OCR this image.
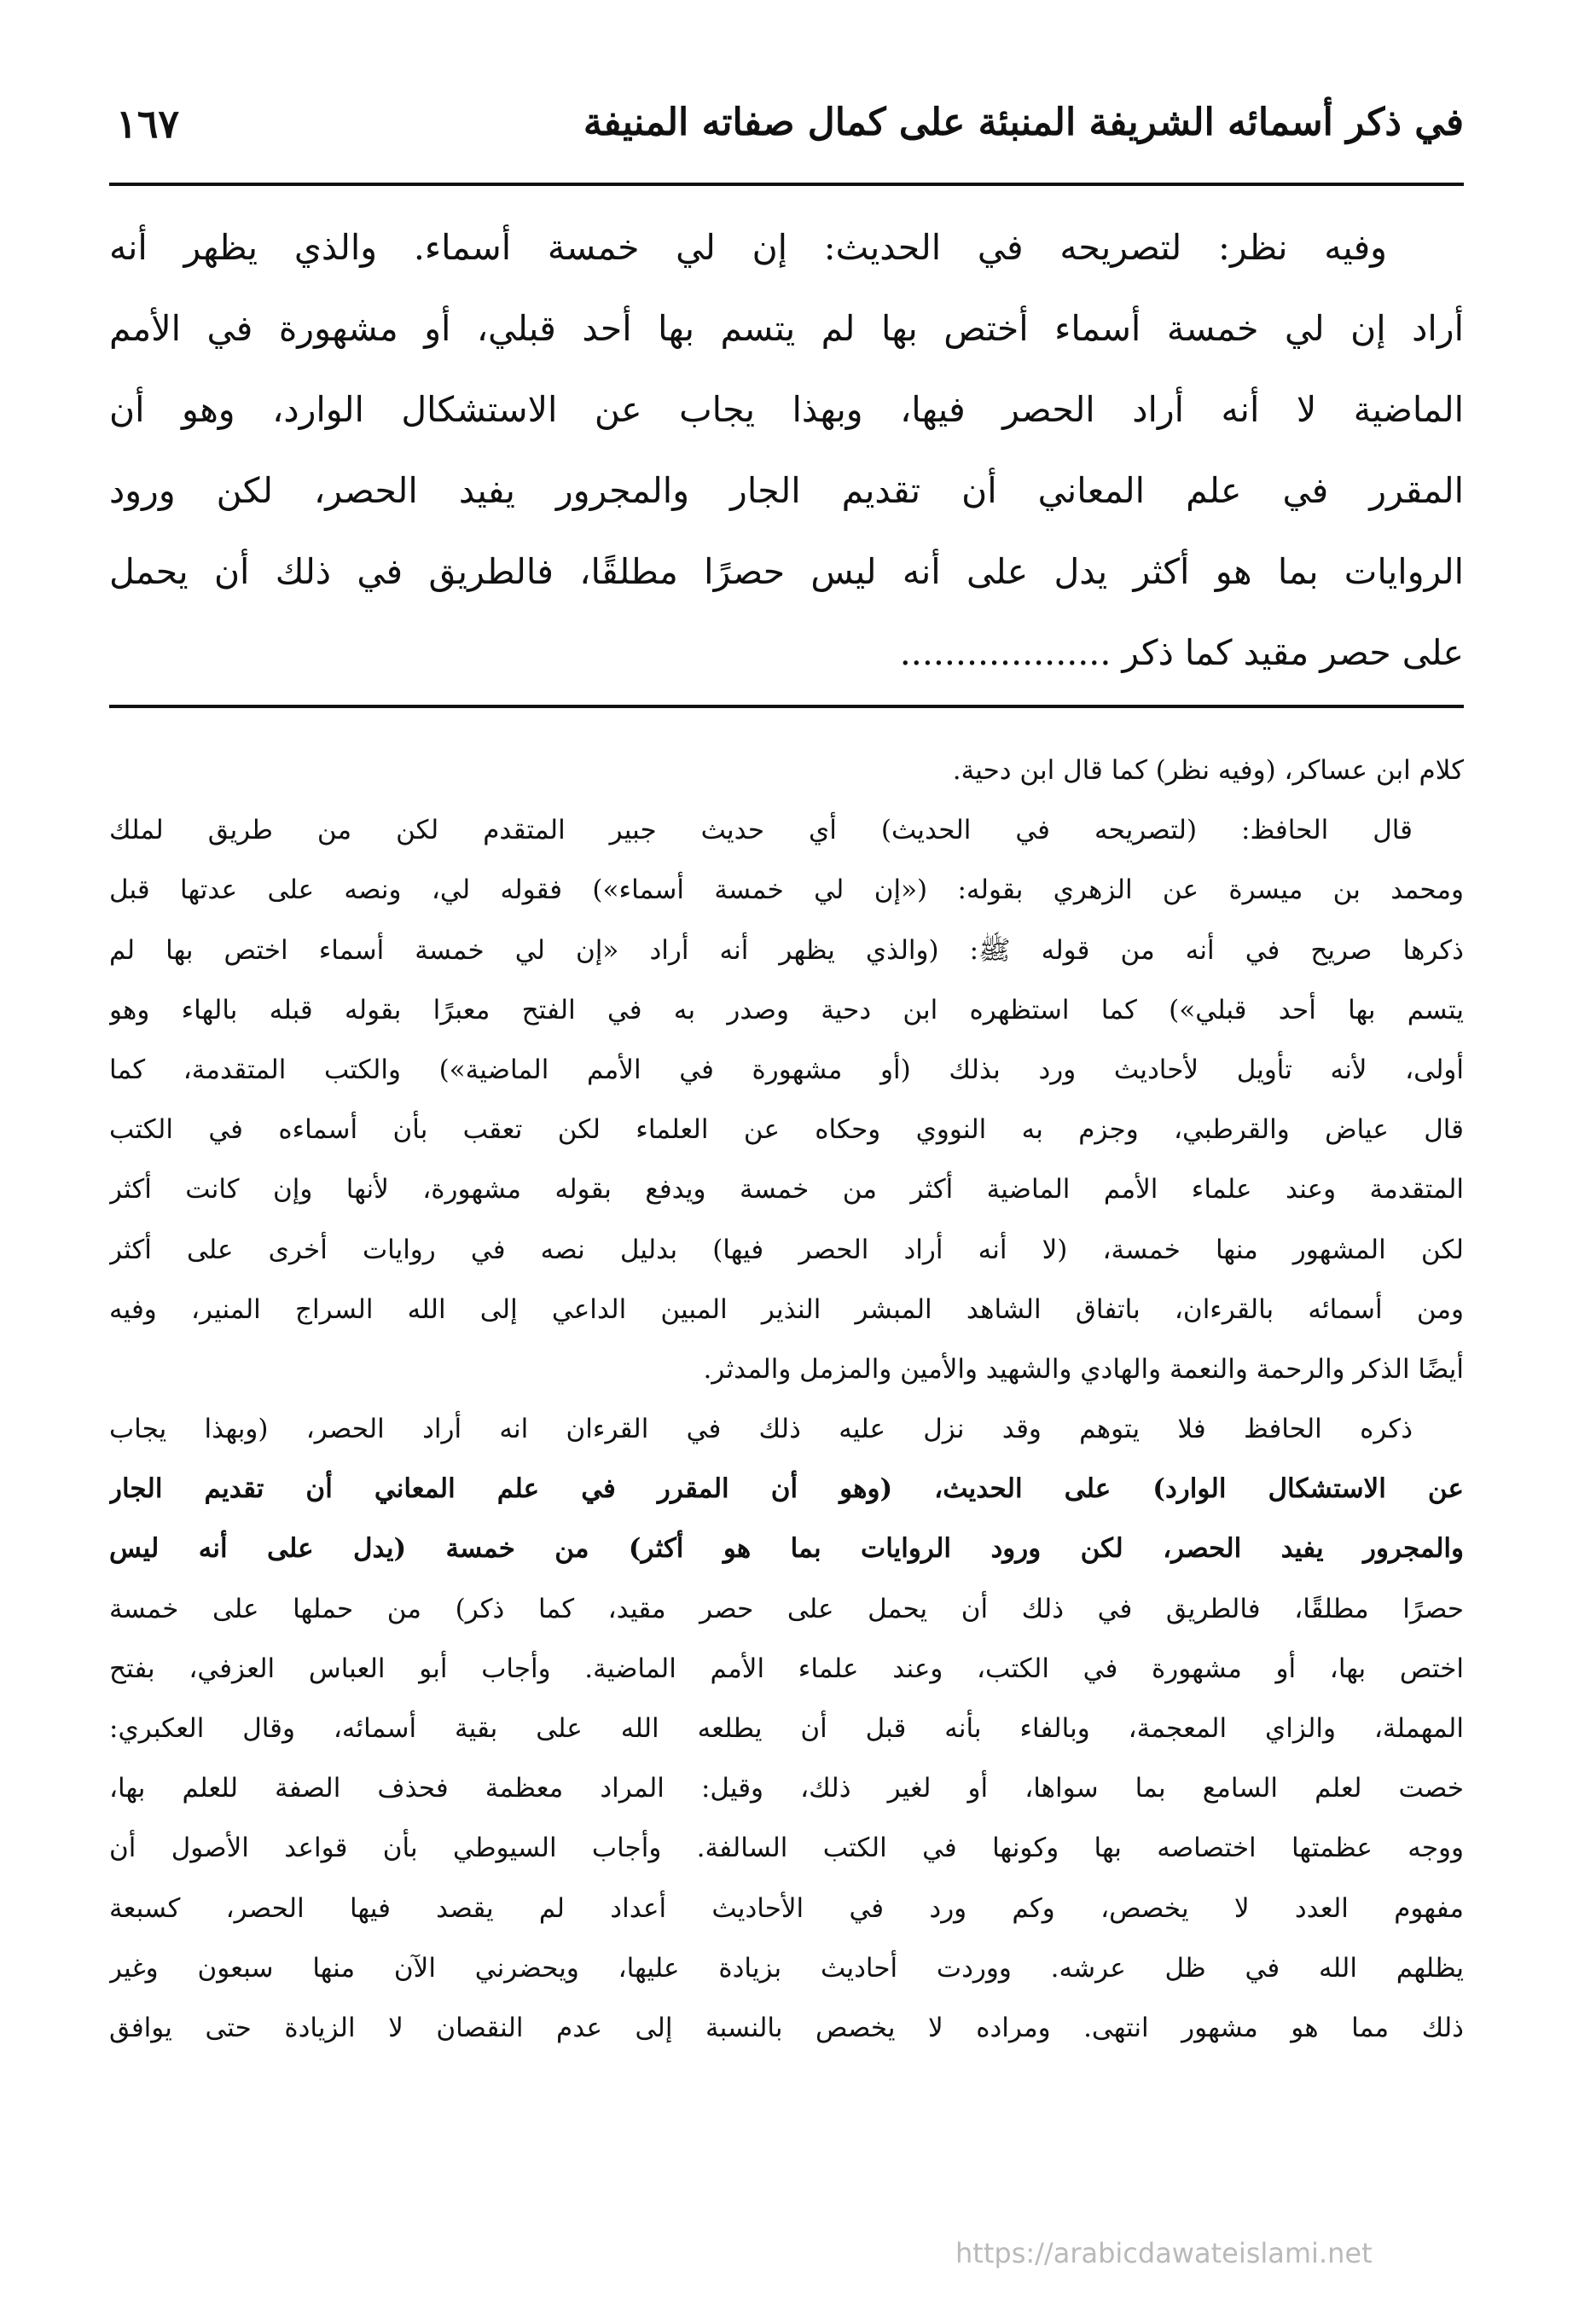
في ذكر أسمائه الشريفة المنبئة على كمال صفاته المنيفة
١٦٧
وفيه نظر: لتصريحه في الحديث: إن لي خمسة أسماء. والذي يظهر أنه
أراد إن لي خمسة أسماء أختص بها لم يتسم بها أحد قبلي، أو مشهورة في الأمم
الماضية لا أنه أراد الحصر فيها، وبهذا يجاب عن الاستشكال الوارد، وهو أن
المقرر في علم المعاني أن تقديم الجار والمجرور يفيد الحصر، لكن ورود
الروايات بما هو أكثر يدل على أنه ليس حصرًا مطلقًا، فالطريق في ذلك أن يحمل
على حصر مقيد كما ذكر ...................
كلام ابن عساكر، (وفيه نظر) كما قال ابن دحية.
قال الحافظ: (لتصريحه في الحديث) أي حديث جبير المتقدم لكن من طريق لملك
ومحمد بن ميسرة عن الزهري بقوله: («إن لي خمسة أسماء») فقوله لي، ونصه على عدتها قبل
ذكرها صريح في أنه من قوله ﷺ: (والذي يظهر أنه أراد «إن لي خمسة أسماء اختص بها لم
يتسم بها أحد قبلي») كما استظهره ابن دحية وصدر به في الفتح معبرًا بقوله قبله بالهاء وهو
أولى، لأنه تأويل لأحاديث ورد بذلك (أو مشهورة في الأمم الماضية») والكتب المتقدمة، كما
قال عياض والقرطبي، وجزم به النووي وحكاه عن العلماء لكن تعقب بأن أسماءه في الكتب
المتقدمة وعند علماء الأمم الماضية أكثر من خمسة ويدفع بقوله مشهورة، لأنها وإن كانت أكثر
لكن المشهور منها خمسة، (لا أنه أراد الحصر فيها) بدليل نصه في روايات أخرى على أكثر
ومن أسمائه بالقرءان، باتفاق الشاهد المبشر النذير المبين الداعي إلى الله السراج المنير، وفيه
أيضًا الذكر والرحمة والنعمة والهادي والشهيد والأمين والمزمل والمدثر.
ذكره الحافظ فلا يتوهم وقد نزل عليه ذلك في القرءان انه أراد الحصر، (وبهذا يجاب
عن الاستشكال الوارد) على الحديث، (وهو أن المقرر في علم المعاني أن تقديم الجار
والمجرور يفيد الحصر، لكن ورود الروايات بما هو أكثر) من خمسة (يدل على أنه ليس
حصرًا مطلقًا، فالطريق في ذلك أن يحمل على حصر مقيد، كما ذكر) من حملها على خمسة
اختص بها، أو مشهورة في الكتب، وعند علماء الأمم الماضية. وأجاب أبو العباس العزفي، بفتح
المهملة، والزاي المعجمة، وبالفاء بأنه قبل أن يطلعه الله على بقية أسمائه، وقال العكبري:
خصت لعلم السامع بما سواها، أو لغير ذلك، وقيل: المراد معظمة فحذف الصفة للعلم بها،
ووجه عظمتها اختصاصه بها وكونها في الكتب السالفة. وأجاب السيوطي بأن قواعد الأصول أن
مفهوم العدد لا يخصص، وكم ورد في الأحاديث أعداد لم يقصد فيها الحصر، كسبعة
يظلهم الله في ظل عرشه. ووردت أحاديث بزيادة عليها، ويحضرني الآن منها سبعون وغير
ذلك مما هو مشهور انتهى. ومراده لا يخصص بالنسبة إلى عدم النقصان لا الزيادة حتى يوافق
https://arabicdawateislami.net
